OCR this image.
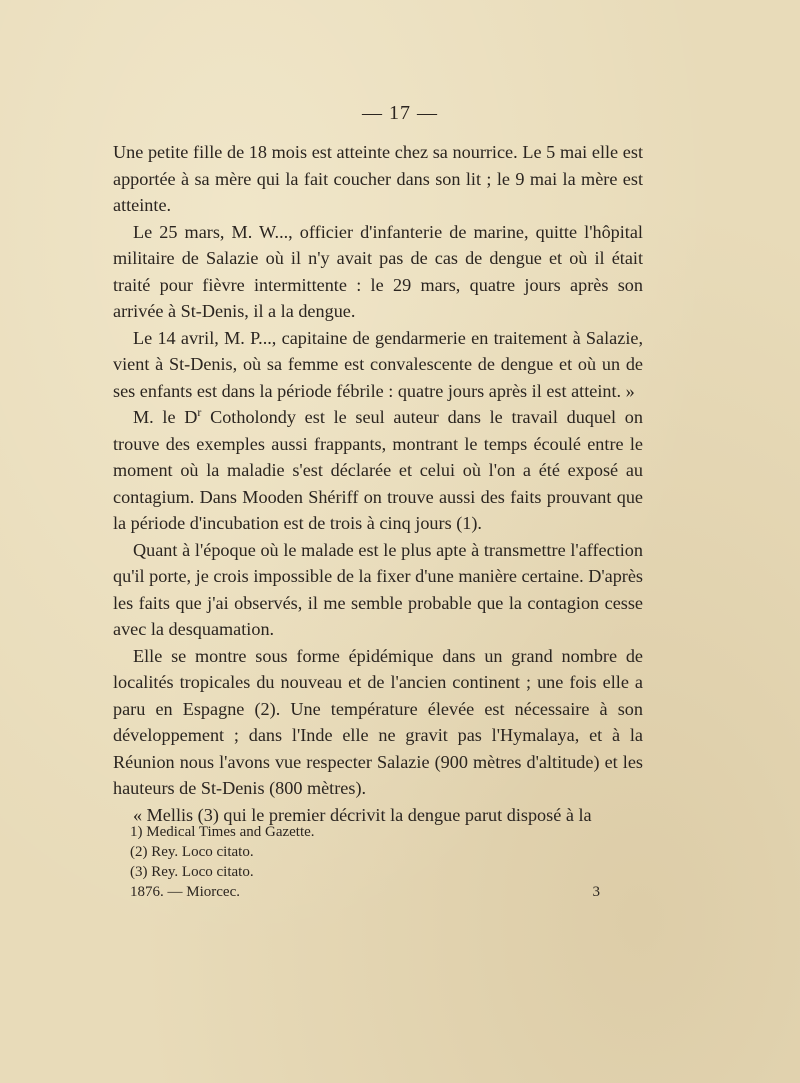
— 17 —

Une petite fille de 18 mois est atteinte chez sa nourrice. Le 5 mai elle est apportée à sa mère qui la fait coucher dans son lit ; le 9 mai la mère est atteinte.

Le 25 mars, M. W..., officier d'infanterie de marine, quitte l'hôpital militaire de Salazie où il n'y avait pas de cas de dengue et où il était traité pour fièvre intermittente : le 29 mars, quatre jours après son arrivée à St-Denis, il a la dengue.

Le 14 avril, M. P..., capitaine de gendarmerie en traitement à Salazie, vient à St-Denis, où sa femme est convalescente de dengue et où un de ses enfants est dans la période fébrile : quatre jours après il est atteint. »

M. le $D^r$ Cotholondy est le seul auteur dans le travail duquel on trouve des exemples aussi frappants, montrant le temps écoulé entre le moment où la maladie s'est déclarée et celui où l'on a été exposé au contagium. Dans Mooden Shériff on trouve aussi des faits prouvant que la période d'incubation est de trois à cinq jours (1).

Quant à l'époque où le malade est le plus apte à transmettre l'affection qu'il porte, je crois impossible de la fixer d'une manière certaine. D'après les faits que j'ai observés, il me semble probable que la contagion cesse avec la desquamation.

Elle se montre sous forme épidémique dans un grand nombre de localités tropicales du nouveau et de l'ancien continent ; une fois elle a paru en Espagne (2). Une température élevée est nécessaire à son développement ; dans l'Inde elle ne gravit pas l'Hymalaya, et à la Réunion nous l'avons vue respecter Salazie (900 mètres d'altitude) et les hauteurs de St-Denis (800 mètres).

« Mellis (3) qui le premier décrivit la dengue parut disposé à la

1) Medical Times and Gazette.
(2) Rey. Loco citato.
(3) Rey. Loco citato.
1876. — Miorcec.	3
